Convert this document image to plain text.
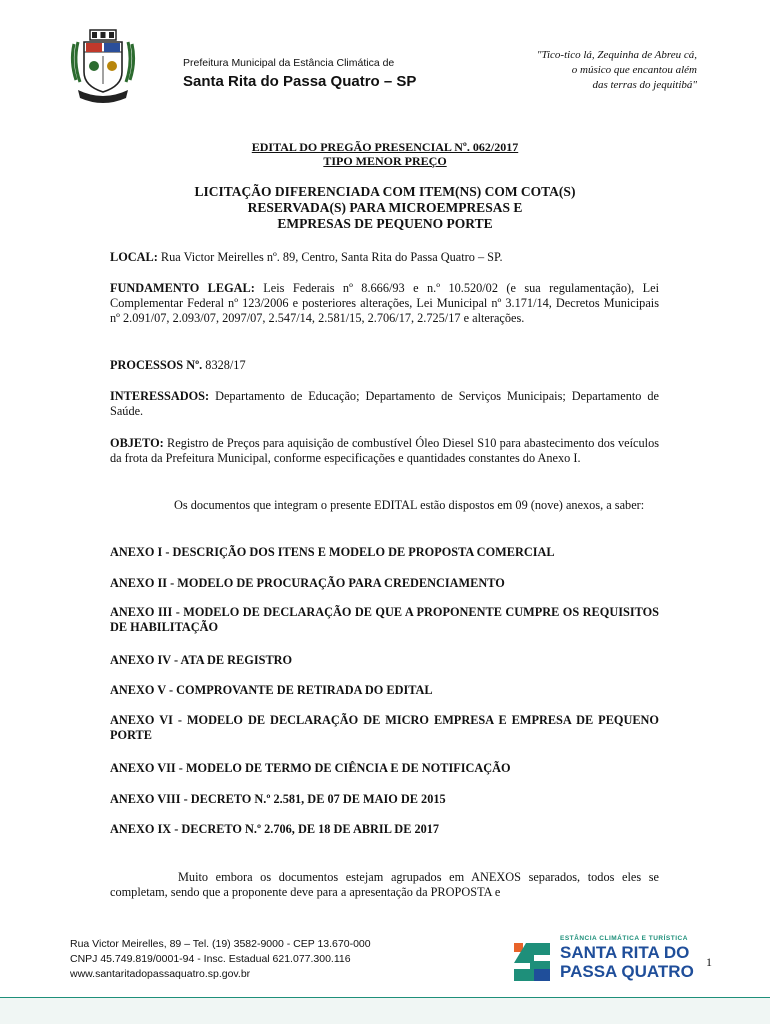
Prefeitura Municipal da Estância Climática de
Santa Rita do Passa Quatro – SP
"Tico-tico lá, Zequinha de Abreu cá,
o músico que encantou além
das terras do jequitibá"
EDITAL DO PREGÃO PRESENCIAL Nº. 062/2017
TIPO MENOR PREÇO
LICITAÇÃO DIFERENCIADA COM ITEM(NS) COM COTA(S)
RESERVADA(S) PARA MICROEMPRESAS E
EMPRESAS DE PEQUENO PORTE
LOCAL: Rua Victor Meirelles nº. 89, Centro, Santa Rita do Passa Quatro – SP.
FUNDAMENTO LEGAL: Leis Federais nº 8.666/93 e n.º 10.520/02 (e sua regulamentação), Lei Complementar Federal nº 123/2006 e posteriores alterações, Lei Municipal nº 3.171/14, Decretos Municipais nº 2.091/07, 2.093/07, 2097/07, 2.547/14, 2.581/15, 2.706/17, 2.725/17 e alterações.
PROCESSOS Nº. 8328/17
INTERESSADOS: Departamento de Educação; Departamento de Serviços Municipais; Departamento de Saúde.
OBJETO: Registro de Preços para aquisição de combustível Óleo Diesel S10 para abastecimento dos veículos da frota da Prefeitura Municipal, conforme especificações e quantidades constantes do Anexo I.
Os documentos que integram o presente EDITAL estão dispostos em 09 (nove) anexos, a saber:
ANEXO I - DESCRIÇÃO DOS ITENS E MODELO DE PROPOSTA COMERCIAL
ANEXO II - MODELO DE PROCURAÇÃO PARA CREDENCIAMENTO
ANEXO III - MODELO DE DECLARAÇÃO DE QUE A PROPONENTE CUMPRE OS REQUISITOS DE HABILITAÇÃO
ANEXO IV - ATA DE REGISTRO
ANEXO V - COMPROVANTE DE RETIRADA DO EDITAL
ANEXO VI - MODELO DE DECLARAÇÃO DE MICRO EMPRESA E EMPRESA DE PEQUENO PORTE
ANEXO VII - MODELO DE TERMO DE CIÊNCIA E DE NOTIFICAÇÃO
ANEXO VIII - DECRETO N.º 2.581, DE 07 DE MAIO DE 2015
ANEXO IX - DECRETO N.º 2.706, DE 18 DE ABRIL DE 2017
Muito embora os documentos estejam agrupados em ANEXOS separados, todos eles se completam, sendo que a proponente deve para a apresentação da PROPOSTA e
Rua Victor Meirelles, 89 – Tel. (19) 3582-9000 - CEP 13.670-000
CNPJ 45.749.819/0001-94 - Insc. Estadual 621.077.300.116
www.santaritadopassaquatro.sp.gov.br
ESTÂNCIA CLIMÁTICA E TURÍSTICA
SANTA RITA DO
PASSA QUATRO 1
